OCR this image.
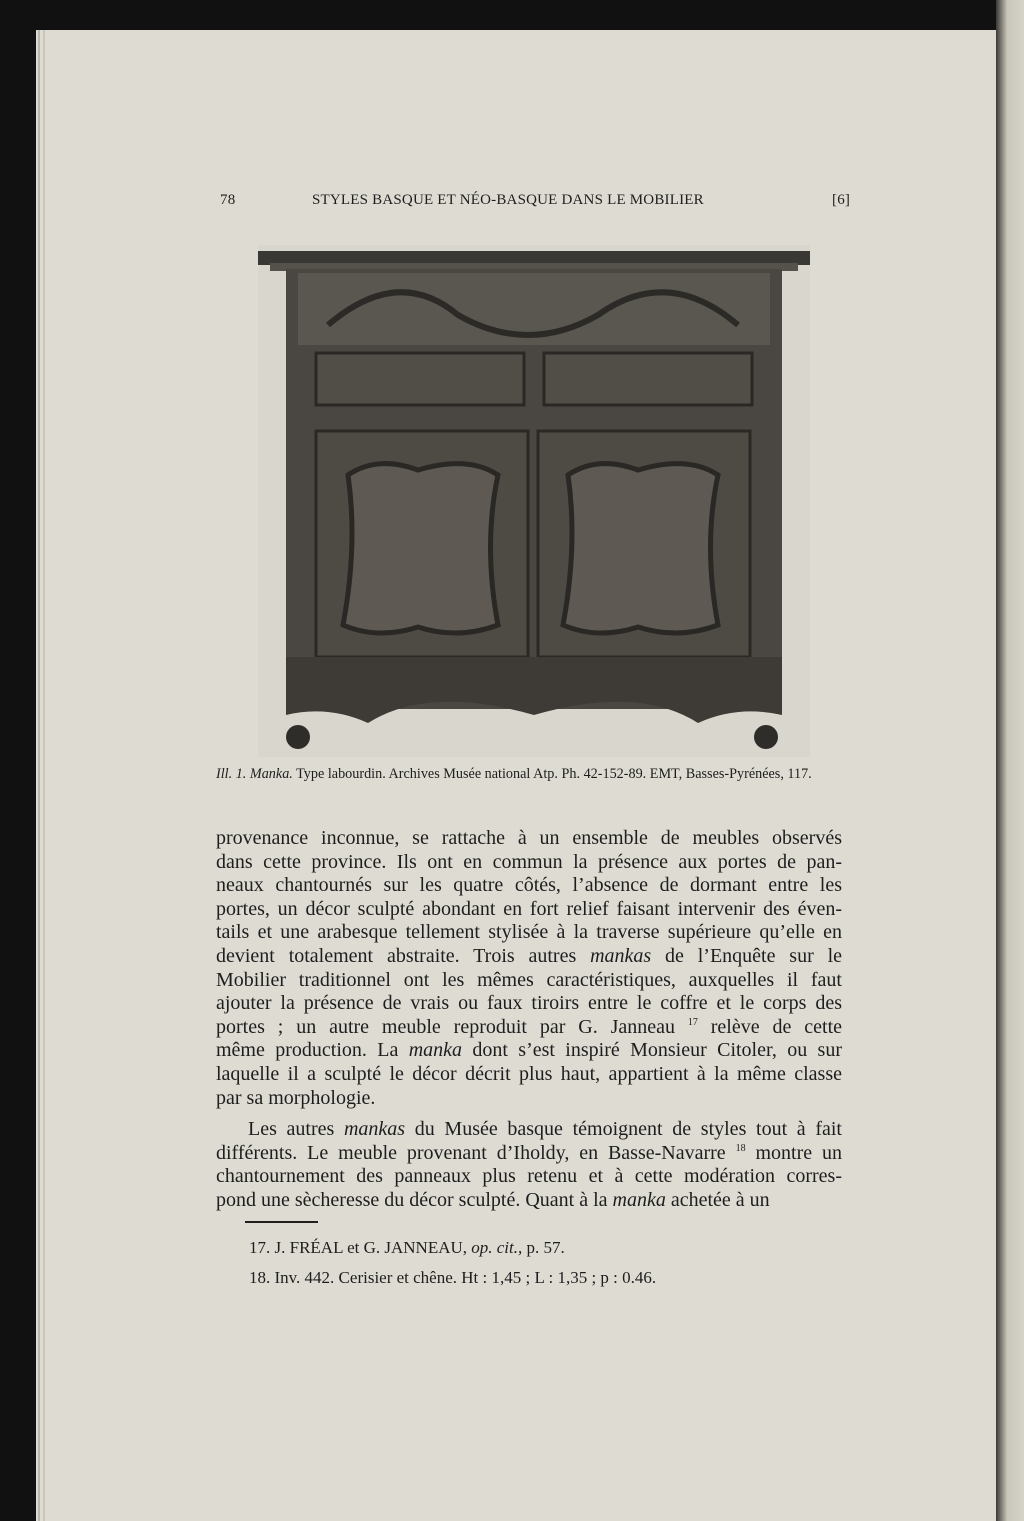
78	STYLES BASQUE ET NÉO-BASQUE DANS LE MOBILIER	[6]
Ill. 1. Manka. Type labourdin. Archives Musée national Atp. Ph. 42-152-89. EMT, Basses-Pyrénées, 117.
provenance inconnue, se rattache à un ensemble de meubles observés
dans cette province. Ils ont en commun la présence aux portes de pan-
neaux chantournés sur les quatre côtés, l’absence de dormant entre les
portes, un décor sculpté abondant en fort relief faisant intervenir des éven-
tails et une arabesque tellement stylisée à la traverse supérieure qu’elle en
devient totalement abstraite. Trois autres mankas de l’Enquête sur le
Mobilier traditionnel ont les mêmes caractéristiques, auxquelles il faut
ajouter la présence de vrais ou faux tiroirs entre le coffre et le corps des
portes ; un autre meuble reproduit par G. Janneau $^{17}$ relève de cette
même production. La manka dont s’est inspiré Monsieur Citoler, ou sur
laquelle il a sculpté le décor décrit plus haut, appartient à la même classe
par sa morphologie.
Les autres mankas du Musée basque témoignent de styles tout à fait
différents. Le meuble provenant d’Iholdy, en Basse-Navarre $^{18}$ montre un
chantournement des panneaux plus retenu et à cette modération corres-
pond une sècheresse du décor sculpté. Quant à la manka achetée à un
17. J. FRÉAL et G. JANNEAU, op. cit., p. 57.
18. Inv. 442. Cerisier et chêne. Ht : 1,45 ; L : 1,35 ; p : 0.46.
